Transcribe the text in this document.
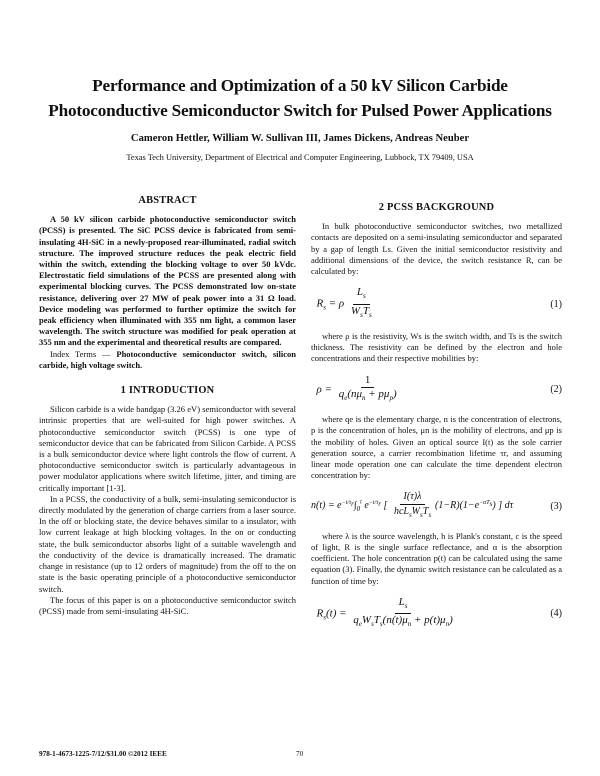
Performance and Optimization of a 50 kV Silicon Carbide
Photoconductive Semiconductor Switch for Pulsed Power Applications
Cameron Hettler, William W. Sullivan III, James Dickens, Andreas Neuber
Texas Tech University, Department of Electrical and Computer Engineering, Lubbock, TX 79409, USA
ABSTRACT

A 50 kV silicon carbide photoconductive semiconductor switch (PCSS) is presented. The SiC PCSS device is fabricated from semi-insulating 4H-SiC in a newly-proposed rear-illuminated, radial switch structure. The improved structure reduces the peak electric field within the switch, extending the blocking voltage to over 50 kVdc. Electrostatic field simulations of the PCSS are presented along with experimental blocking curves. The PCSS demonstrated low on-state resistance, delivering over 27 MW of peak power into a 31 Ω load. Device modeling was performed to further optimize the switch for peak efficiency when illuminated with 355 nm light, a common laser wavelength. The switch structure was modified for peak operation at 355 nm and the experimental and theoretical results are compared.

Index Terms — Photoconductive semiconductor switch, silicon carbide, high voltage switch.

1 INTRODUCTION

Silicon carbide is a wide bandgap (3.26 eV) semiconductor with several intrinsic properties that are well-suited for high power switches. A photoconductive semiconductor switch (PCSS) is one type of semiconductor device that can be fabricated from Silicon Carbide. A PCSS is a bulk semiconductor device where light controls the flow of current. A photoconductive semiconductor switch is particularly advantageous in power modulator applications where switch lifetime, jitter, and timing are critically important [1-3].

In a PCSS, the conductivity of a bulk, semi-insulating semiconductor is directly modulated by the generation of charge carriers from a laser source. In the off or blocking state, the device behaves similar to a insulator, with low current leakage at high blocking voltages. In the on or conducting state, the bulk semiconductor absorbs light of a suitable wavelength and the conductivity of the device is dramatically increased. The dramatic change in resistance (up to 12 orders of magnitude) from the off to the on state is the basic operating principle of a photoconductive semiconductor switch.

The focus of this paper is on a photoconductive semiconductor switch (PCSS) made from semi-insulating 4H-SiC.

2 PCSS BACKGROUND

In bulk photoconductive semiconductor switches, two metallized contacts are deposited on a semi-insulating semiconductor and separated by a gap of length Ls. Given the initial semiconductor resistivity and additional dimensions of the device, the switch resistance R, can be calculated by:

$R_s = \rho \frac{L_s}{W_sT_s}$	(1)

where ρ is the resistivity, Ws is the switch width, and Ts is the switch thickness. The resistivity can be defined by the electron and hole concentrations and their respective mobilities by:

$\rho = \frac{1}{q_e(n\mu_n + p\mu_p)}$	(2)

where qe is the elementary charge, n is the concentration of electrons, p is the concentration of holes, μn is the mobility of electrons, and μp is the mobility of holes. Given an optical source I(t) as the sole carrier generation source, a carrier recombination lifetime τr, and assuming linear mode operation one can calculate the time dependent electron concentration by:

$n(t) = e^{-t/\tau_r}\int_0^t$ $e^{-t/\tau_r}$ [ $\frac{I(\tau)\lambda}{hcL_sW_sT_s} (1-R)(1-e^{-\alpha T_s})$ ] dτ	(3)

where λ is the source wavelength, h is Plank's constant, c is the speed of light, R is the single surface reflectance, and α is the absorption coefficient. The hole concentration p(t) can be calculated using the same equation (3). Finally, the dynamic switch resistance can be calculated as a function of time by:

$R_s(t) = \frac{L_s}{q_eW_sT_s(n(t)\mu_n + p(t)\mu_n)}$	(4)
978-1-4673-1225-7/12/$31.00 ©2012 IEEE	70
